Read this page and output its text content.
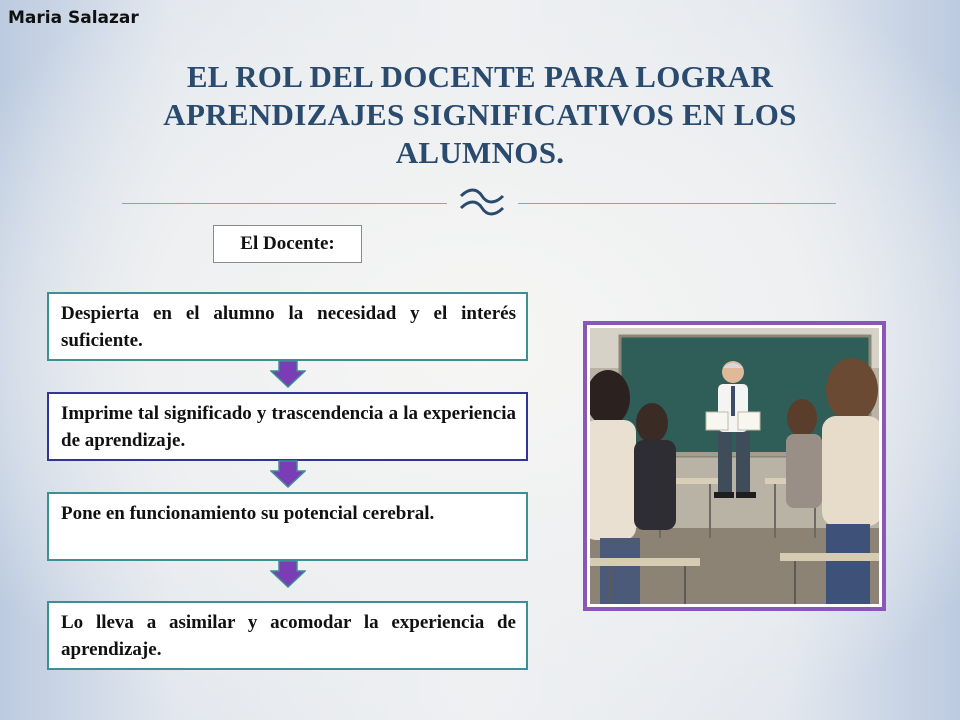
Maria Salazar
EL ROL DEL DOCENTE PARA LOGRAR APRENDIZAJES SIGNIFICATIVOS EN LOS ALUMNOS.
El Docente:
Despierta en el alumno la necesidad y el interés suficiente.
Imprime tal significado y trascendencia a la experiencia de aprendizaje.
Pone en funcionamiento su potencial cerebral.
Lo lleva a asimilar y acomodar la experiencia de aprendizaje.
